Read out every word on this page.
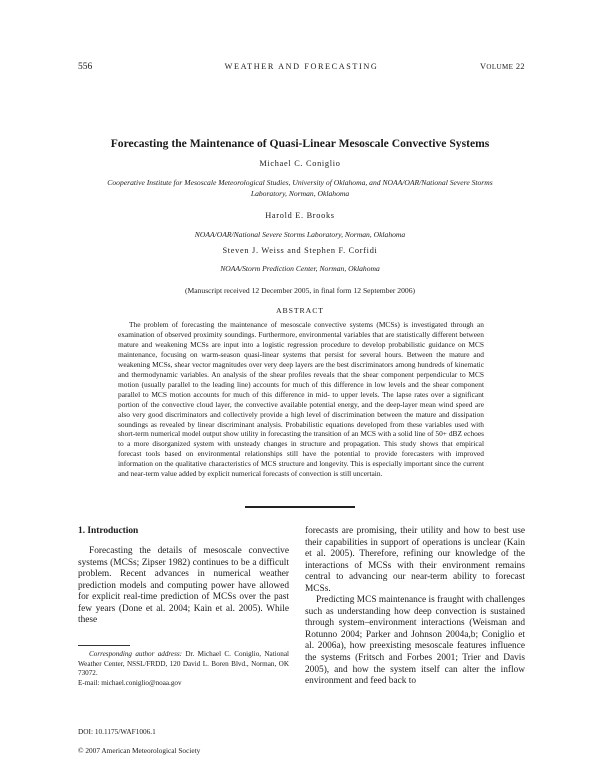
556	WEATHER AND FORECASTING	VOLUME 22
Forecasting the Maintenance of Quasi-Linear Mesoscale Convective Systems
Michael C. Coniglio
Cooperative Institute for Mesoscale Meteorological Studies, University of Oklahoma, and NOAA/OAR/National Severe Storms
Laboratory, Norman, Oklahoma
Harold E. Brooks
NOAA/OAR/National Severe Storms Laboratory, Norman, Oklahoma
Steven J. Weiss and Stephen F. Corfidi
NOAA/Storm Prediction Center, Norman, Oklahoma
(Manuscript received 12 December 2005, in final form 12 September 2006)
ABSTRACT

The problem of forecasting the maintenance of mesoscale convective systems (MCSs) is investigated through an examination of observed proximity soundings. Furthermore, environmental variables that are statistically different between mature and weakening MCSs are input into a logistic regression procedure to develop probabilistic guidance on MCS maintenance, focusing on warm-season quasi-linear systems that persist for several hours. Between the mature and weakening MCSs, shear vector magnitudes over very deep layers are the best discriminators among hundreds of kinematic and thermodynamic variables. An analysis of the shear profiles reveals that the shear component perpendicular to MCS motion (usually parallel to the leading line) accounts for much of this difference in low levels and the shear component parallel to MCS motion accounts for much of this difference in mid- to upper levels. The lapse rates over a significant portion of the convective cloud layer, the convective available potential energy, and the deep-layer mean wind speed are also very good discriminators and collectively provide a high level of discrimination between the mature and dissipation soundings as revealed by linear discriminant analysis. Probabilistic equations developed from these variables used with short-term numerical model output show utility in forecasting the transition of an MCS with a solid line of 50+ dBZ echoes to a more disorganized system with unsteady changes in structure and propagation. This study shows that empirical forecast tools based on environmental relationships still have the potential to provide forecasters with improved information on the qualitative characteristics of MCS structure and longevity. This is especially important since the current and near-term value added by explicit numerical forecasts of convection is still uncertain.

1. Introduction

Forecasting the details of mesoscale convective systems (MCSs; Zipser 1982) continues to be a difficult problem. Recent advances in numerical weather prediction models and computing power have allowed for explicit real-time prediction of MCSs over the past few years (Done et al. 2004; Kain et al. 2005). While these

forecasts are promising, their utility and how to best use their capabilities in support of operations is unclear (Kain et al. 2005). Therefore, refining our knowledge of the interactions of MCSs with their environment remains central to advancing our near-term ability to forecast MCSs.

Predicting MCS maintenance is fraught with challenges such as understanding how deep convection is sustained through system–environment interactions (Weisman and Rotunno 2004; Parker and Johnson 2004a,b; Coniglio et al. 2006a), how preexisting mesoscale features influence the systems (Fritsch and Forbes 2001; Trier and Davis 2005), and how the system itself can alter the inflow environment and feed back to

Corresponding author address: Dr. Michael C. Coniglio, National Weather Center, NSSL/FRDD, 120 David L. Boren Blvd., Norman, OK 73072.
E-mail: michael.coniglio@noaa.gov
DOI: 10.1175/WAF1006.1
© 2007 American Meteorological Society
